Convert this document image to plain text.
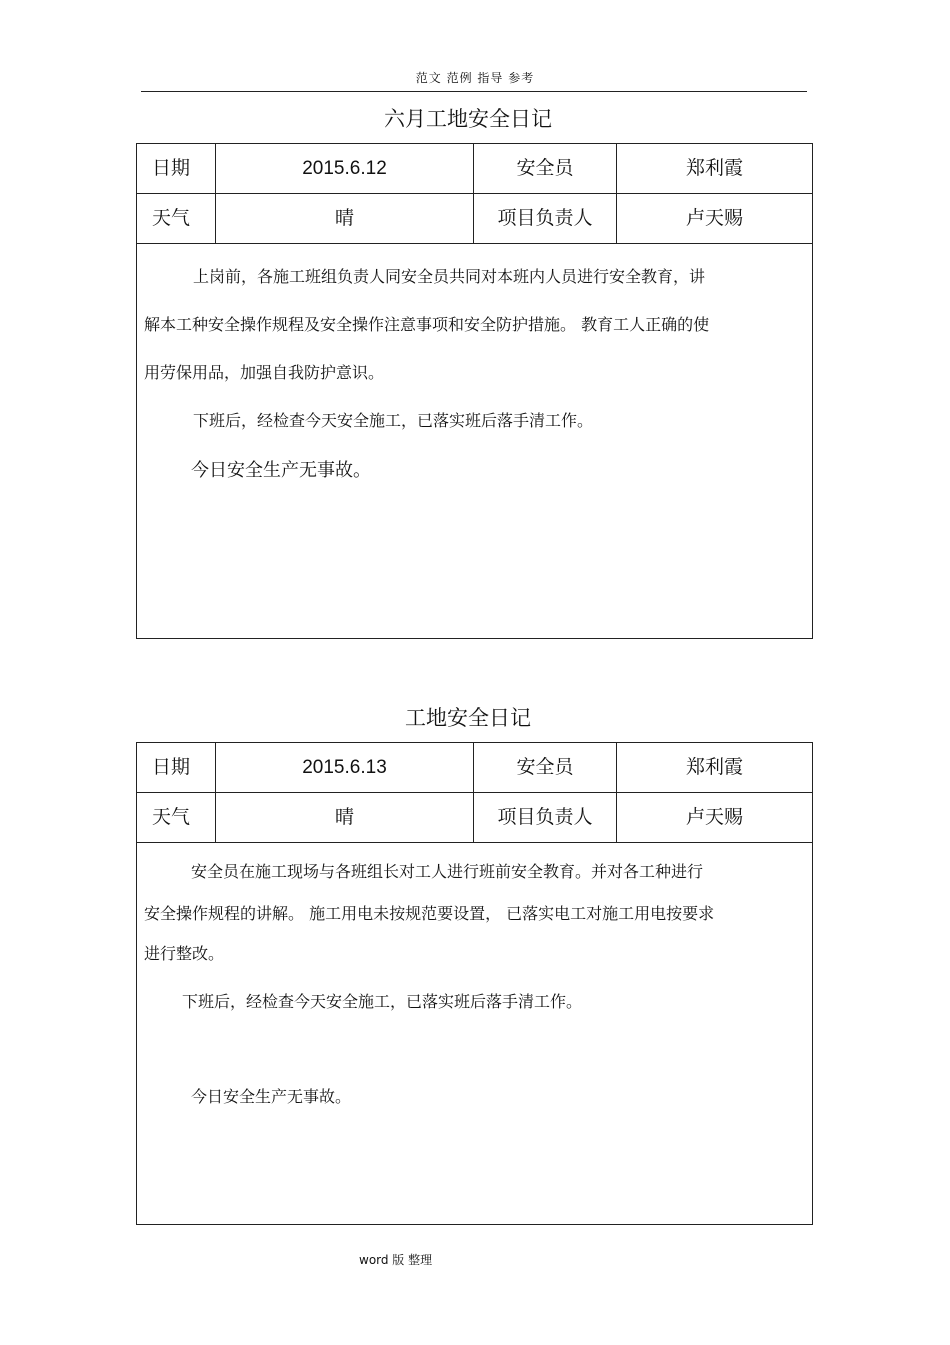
范文 范例 指导 参考
六月工地安全日记
日期	2015.6.12	安全员	郑利霞
天气	晴	项目负责人	卢天赐
上岗前，各施工班组负责人同安全员共同对本班内人员进行安全教育，讲
解本工种安全操作规程及安全操作注意事项和安全防护措施。 教育工人正确的使
用劳保用品，加强自我防护意识。
下班后，经检查今天安全施工，已落实班后落手清工作。
今日安全生产无事故。
工地安全日记
日期	2015.6.13	安全员	郑利霞
天气	晴	项目负责人	卢天赐
安全员在施工现场与各班组长对工人进行班前安全教育。并对各工种进行
安全操作规程的讲解。 施工用电未按规范要设置， 已落实电工对施工用电按要求
进行整改。
下班后，经检查今天安全施工，已落实班后落手清工作。
今日安全生产无事故。
word 版 整理
